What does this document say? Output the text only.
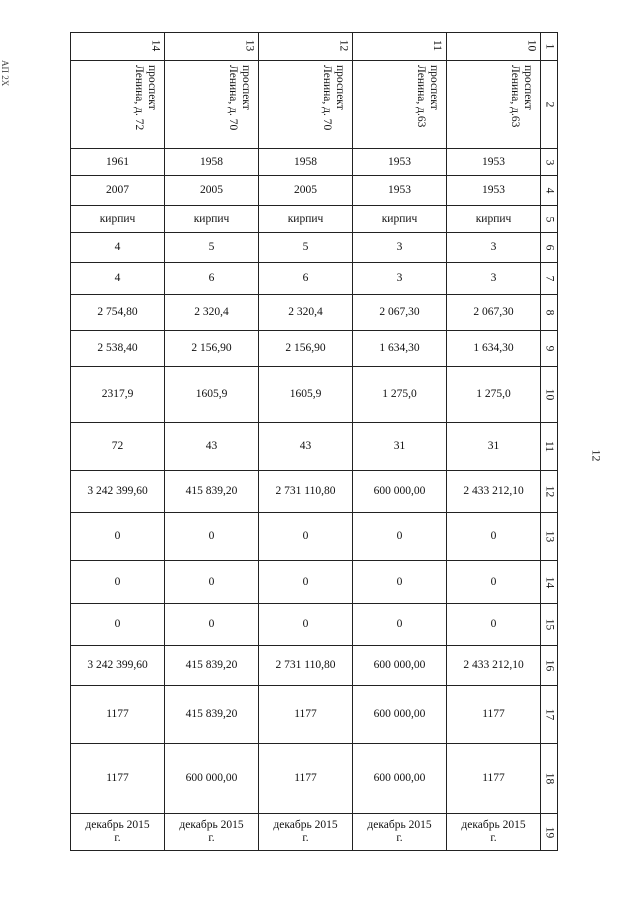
АП 2Х
12
14	13	12	11	10	1

проспект Ленина, д. 72	проспект Ленина, д. 70	проспект Ленина, д. 70	проспект Ленина, д.63	проспект Ленина, д.63	2
1961	1958	1958	1953	1953	3
2007	2005	2005	1953	1953	4
кирпич	кирпич	кирпич	кирпич	кирпич	5
4	5	5	3	3	6
4	6	6	3	3	7
2 754,80	2 320,4	2 320,4	2 067,30	2 067,30	8
2 538,40	2 156,90	2 156,90	1 634,30	1 634,30	9
2317,9	1605,9	1605,9	1 275,0	1 275,0	10
72	43	43	31	31	11
3 242 399,60	415 839,20	2 731 110,80	600 000,00	2 433 212,10	12
0	0	0	0	0	13
0	0	0	0	0	14
0	0	0	0	0	15
3 242 399,60	415 839,20	2 731 110,80	600 000,00	2 433 212,10	16
1177	415 839,20	1177	600 000,00	1177	17
1177	600 000,00	1177	600 000,00	1177	18
декабрь 2015 г.	декабрь 2015 г.	декабрь 2015 г.	декабрь 2015 г.	декабрь 2015 г.	19
